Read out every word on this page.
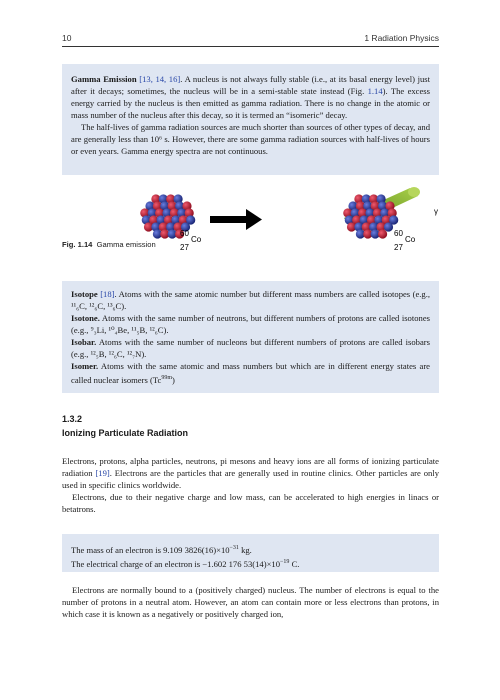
10	1 Radiation Physics

Gamma Emission [13, 14, 16]. A nucleus is not always fully stable (i.e., at its basal energy level) just after it decays; sometimes, the nucleus will be in a semi-stable state instead (Fig. 1.14). The excess energy carried by the nucleus is then emitted as gamma radiation. There is no change in the atomic or mass number of the nucleus after this decay, so it is termed an “isomeric” decay.

The half-lives of gamma radiation sources are much shorter than sources of other types of decay, and are generally less than 10⁶ s. However, there are some gamma radiation sources with half-lives of hours or even years. Gamma energy spectra are not continuous.

γ
60
Co
27
60
Co
27
Fig. 1.14 Gamma emission

Isotope [18]. Atoms with the same atomic number but different mass numbers are called isotopes (e.g., ¹¹₆C, ¹²₆C, ¹³₆C).

Isotone. Atoms with the same number of neutrons, but different numbers of protons are called isotones (e.g., ⁹₃Li, ¹⁰₄Be, ¹¹₅B, ¹²₆C).

Isobar. Atoms with the same number of nucleons but different numbers of protons are called isobars (e.g., ¹²₅B, ¹²₆C, ¹²₇N).

Isomer. Atoms with the same atomic and mass numbers but which are in different energy states are called nuclear isomers $(Tc^{99m})$

1.3.2
Ionizing Particulate Radiation

Electrons, protons, alpha particles, neutrons, pi mesons and heavy ions are all forms of ionizing particulate radiation [19]. Electrons are the particles that are generally used in routine clinics. Other particles are only used in specific clinics worldwide.

Electrons, due to their negative charge and low mass, can be accelerated to high energies in linacs or betatrons.

The mass of an electron is 9.109 $3826(16)\times 10^{-31}$ kg.

The electrical charge of an electron is −1.602 176 $53(14)\times 10^{-19}$ C.

Electrons are normally bound to a (positively charged) nucleus. The number of electrons is equal to the number of protons in a neutral atom. However, an atom can contain more or less electrons than protons, in which case it is known as a negatively or positively charged ion,
